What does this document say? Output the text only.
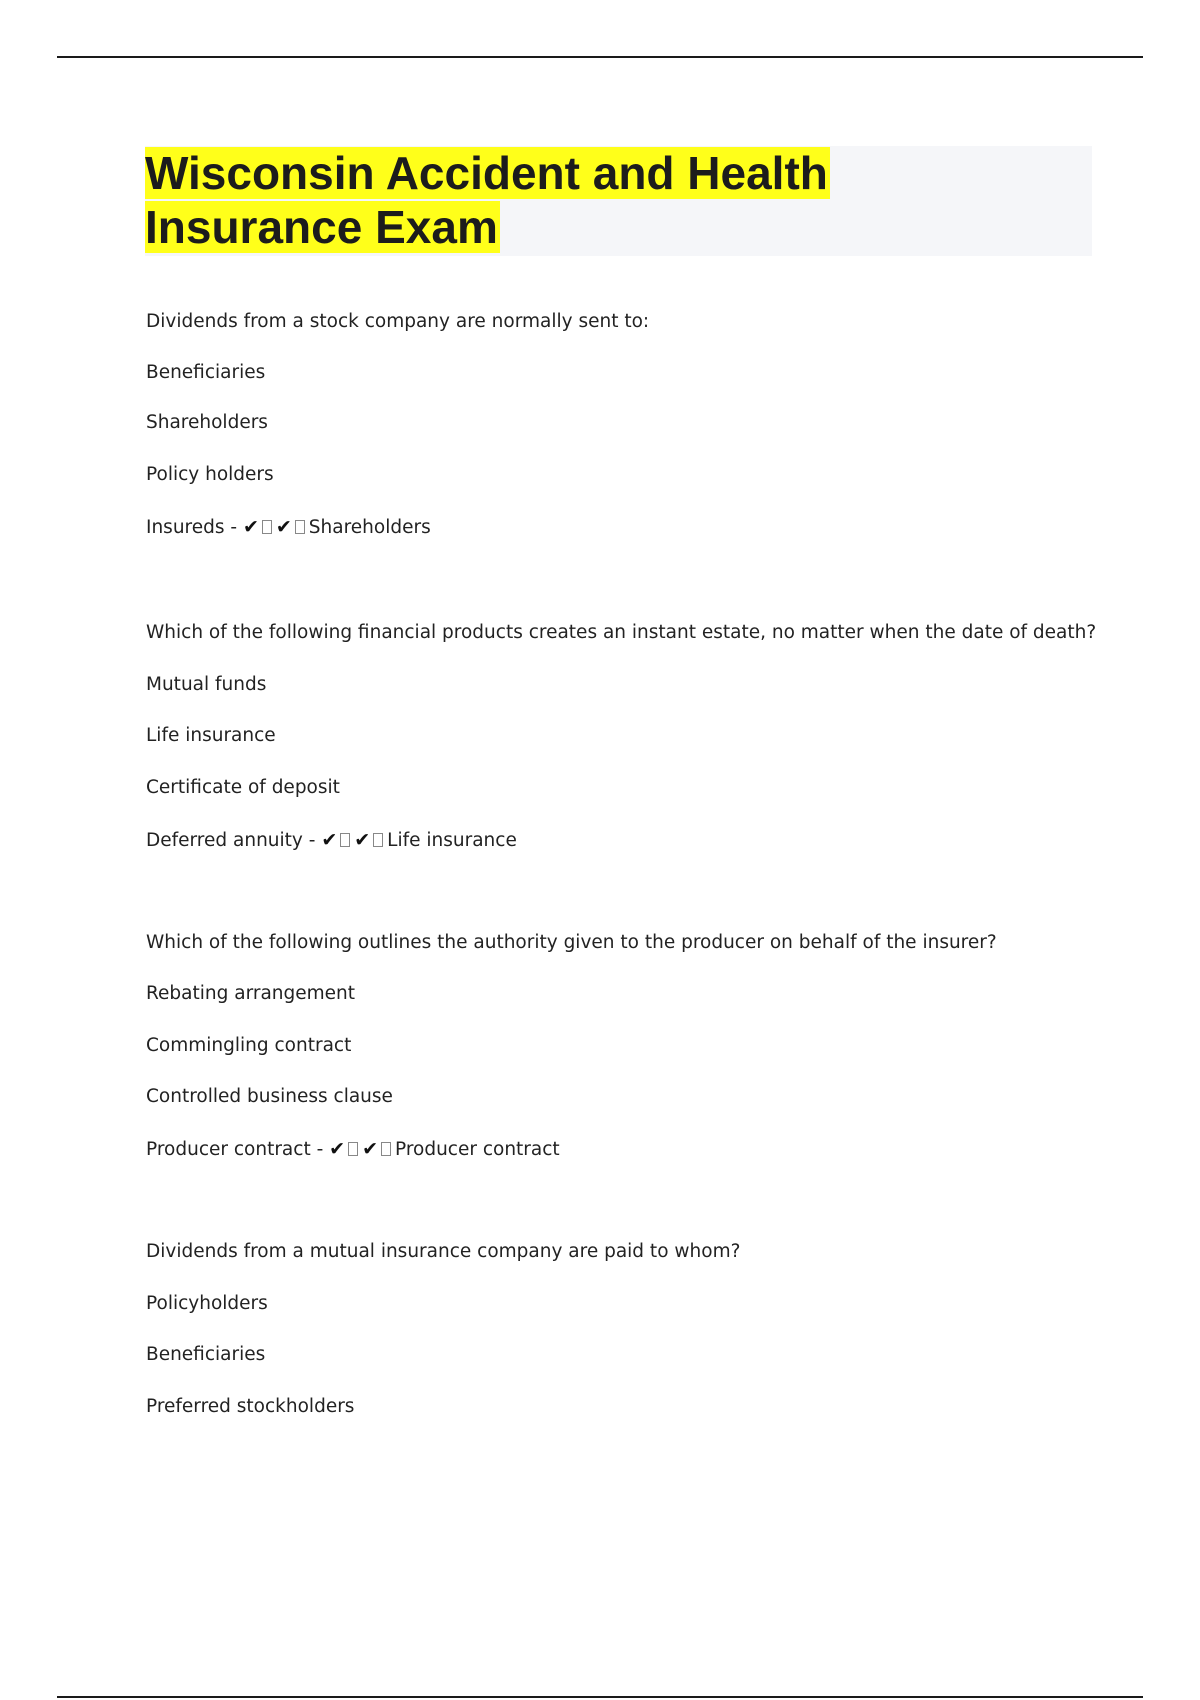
Wisconsin Accident and Health
Insurance Exam
Dividends from a stock company are normally sent to:
Beneficiaries
Shareholders
Policy holders
Insureds - ✔ ✔ Shareholders
Which of the following financial products creates an instant estate, no matter when the date of death?
Mutual funds
Life insurance
Certificate of deposit
Deferred annuity - ✔ ✔ Life insurance
Which of the following outlines the authority given to the producer on behalf of the insurer?
Rebating arrangement
Commingling contract
Controlled business clause
Producer contract - ✔ ✔ Producer contract
Dividends from a mutual insurance company are paid to whom?
Policyholders
Beneficiaries
Preferred stockholders
